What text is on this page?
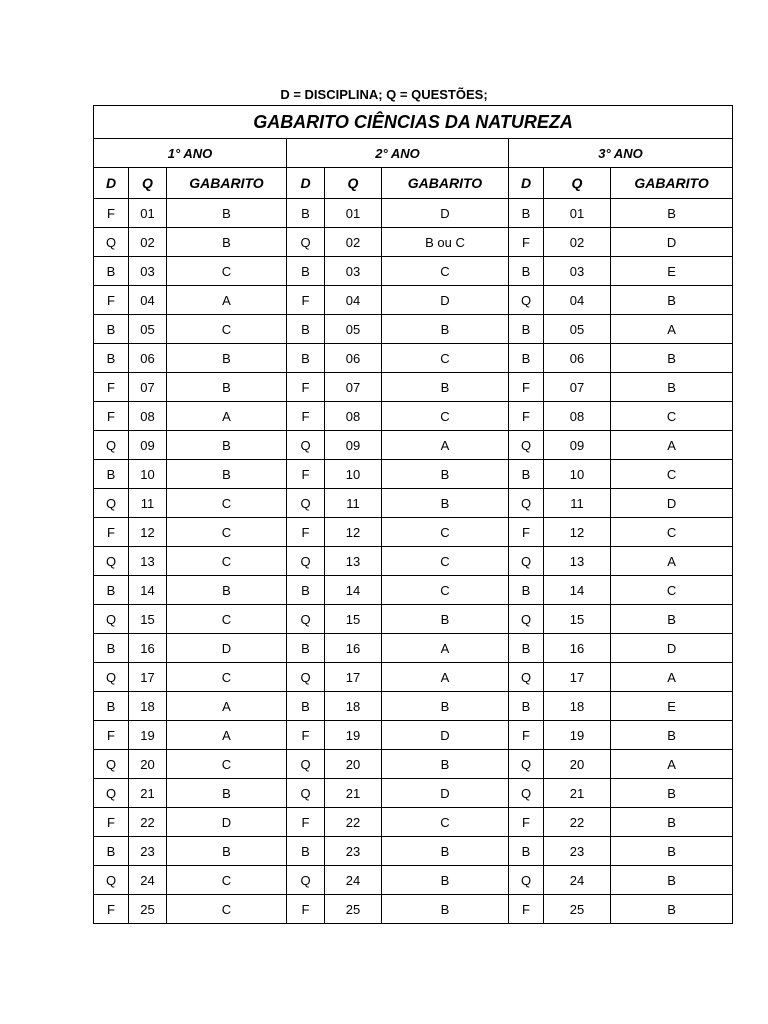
D = DISCIPLINA; Q = QUESTÕES;
GABARITO CIÊNCIAS DA NATUREZA								
1° ANO			2° ANO			3° ANO		
D	Q	GABARITO	D	Q	GABARITO	D	Q	GABARITO
F	01	B	B	01	D	B	01	B
Q	02	B	Q	02	B ou C	F	02	D
B	03	C	B	03	C	B	03	E
F	04	A	F	04	D	Q	04	B
B	05	C	B	05	B	B	05	A
B	06	B	B	06	C	B	06	B
F	07	B	F	07	B	F	07	B
F	08	A	F	08	C	F	08	C
Q	09	B	Q	09	A	Q	09	A
B	10	B	F	10	B	B	10	C
Q	11	C	Q	11	B	Q	11	D
F	12	C	F	12	C	F	12	C
Q	13	C	Q	13	C	Q	13	A
B	14	B	B	14	C	B	14	C
Q	15	C	Q	15	B	Q	15	B
B	16	D	B	16	A	B	16	D
Q	17	C	Q	17	A	Q	17	A
B	18	A	B	18	B	B	18	E
F	19	A	F	19	D	F	19	B
Q	20	C	Q	20	B	Q	20	A
Q	21	B	Q	21	D	Q	21	B
F	22	D	F	22	C	F	22	B
B	23	B	B	23	B	B	23	B
Q	24	C	Q	24	B	Q	24	B
F	25	C	F	25	B	F	25	B
